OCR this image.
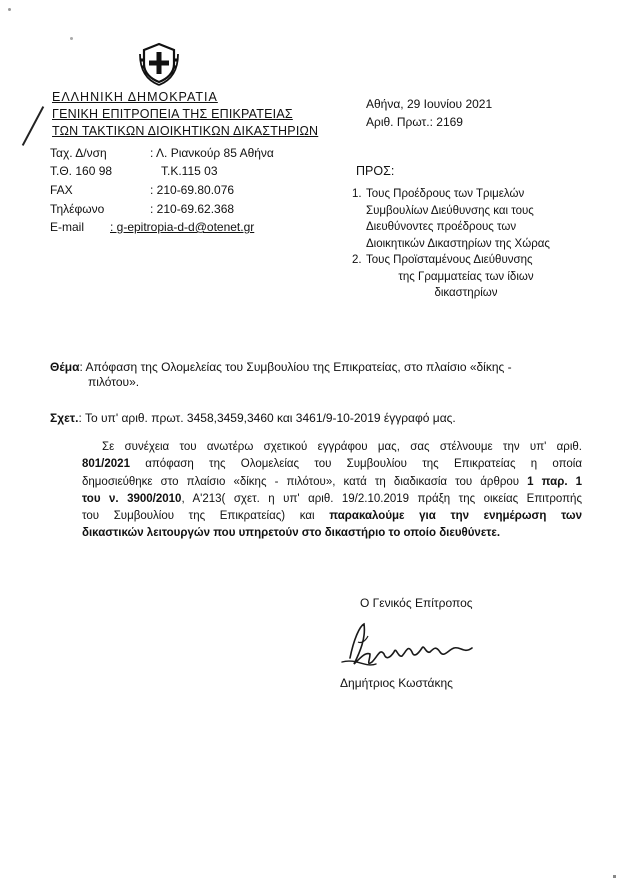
ΕΛΛΗΝΙΚΗ ΔΗΜΟΚΡΑΤΙΑ
ΓΕΝΙΚΗ ΕΠΙΤΡΟΠΕΙΑ ΤΗΣ ΕΠΙΚΡΑΤΕΙΑΣ
ΤΩΝ ΤΑΚΤΙΚΩΝ ΔΙΟΙΚΗΤΙΚΩΝ ΔΙΚΑΣΤΗΡΙΩΝ
Ταχ. Δ/νση	: Λ. Ριανκούρ 85 Αθήνα
Τ.Θ. 160 98	Τ.Κ.115 03
FAX	: 210-69.80.076
Τηλέφωνο	: 210-69.62.368
E-mail : g-epitropia-d-d@otenet.gr
Αθήνα, 29 Ιουνίου 2021
Αριθ. Πρωτ.: 2169
ΠΡΟΣ:
1. Τους Προέδρους των Τριμελών
Συμβουλίων Διεύθυνσης και τους
Διευθύνοντες προέδρους των
Διοικητικών Δικαστηρίων της Χώρας
2. Τους Προϊσταμένους Διεύθυνσης
της Γραμματείας των ίδιων
δικαστηρίων
Θέμα: Απόφαση της Ολομελείας του Συμβουλίου της Επικρατείας, στο πλαίσιο «δίκης -
πιλότου».
Σχετ.: Το υπ' αριθ. πρωτ. 3458,3459,3460 και 3461/9-10-2019 έγγραφό μας.
Σε συνέχεια του ανωτέρω σχετικού εγγράφου μας, σας στέλνουμε την υπ' αριθ.
801/2021 απόφαση της Ολομελείας του Συμβουλίου της Επικρατείας η οποία
δημοσιεύθηκε στο πλαίσιο «δίκης - πιλότου», κατά τη διαδικασία του άρθρου 1 παρ. 1
του ν. 3900/2010, Α'213( σχετ. η υπ' αριθ. 19/2.10.2019 πράξη της οικείας Επιτροπής
του Συμβουλίου της Επικρατείας) και παρακαλούμε για την ενημέρωση των
δικαστικών λειτουργών που υπηρετούν στο δικαστήριο το οποίο διευθύνετε.
Ο Γενικός Επίτροπος
Δημήτριος Κωστάκης
